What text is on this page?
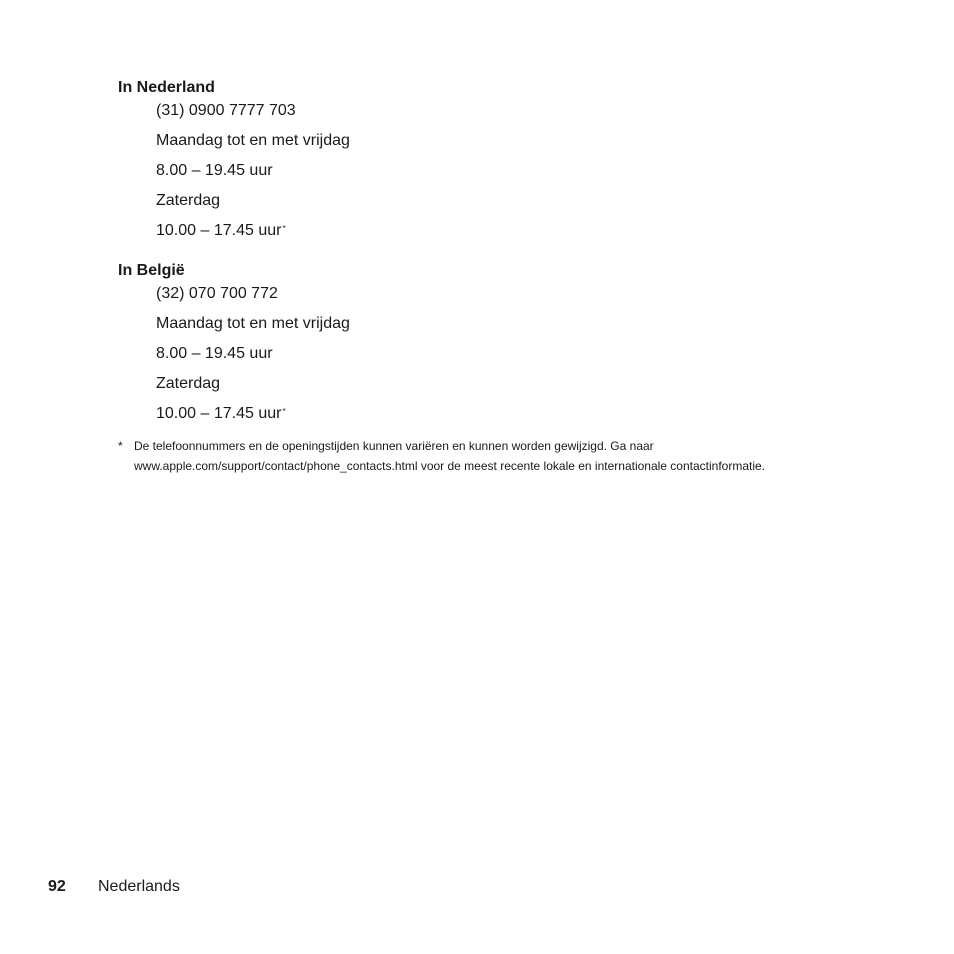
In Nederland

(31) 0900 7777 703
Maandag tot en met vrijdag
8.00 – 19.45 uur
Zaterdag
10.00 – 17.45 uur*

In België

(32) 070 700 772
Maandag tot en met vrijdag
8.00 – 19.45 uur
Zaterdag
10.00 – 17.45 uur*
* De telefoonnummers en de openingstijden kunnen variëren en kunnen worden gewijzigd. Ga naar
www.apple.com/support/contact/phone_contacts.html voor de meest recente lokale en internationale contactinformatie.
92 Nederlands
